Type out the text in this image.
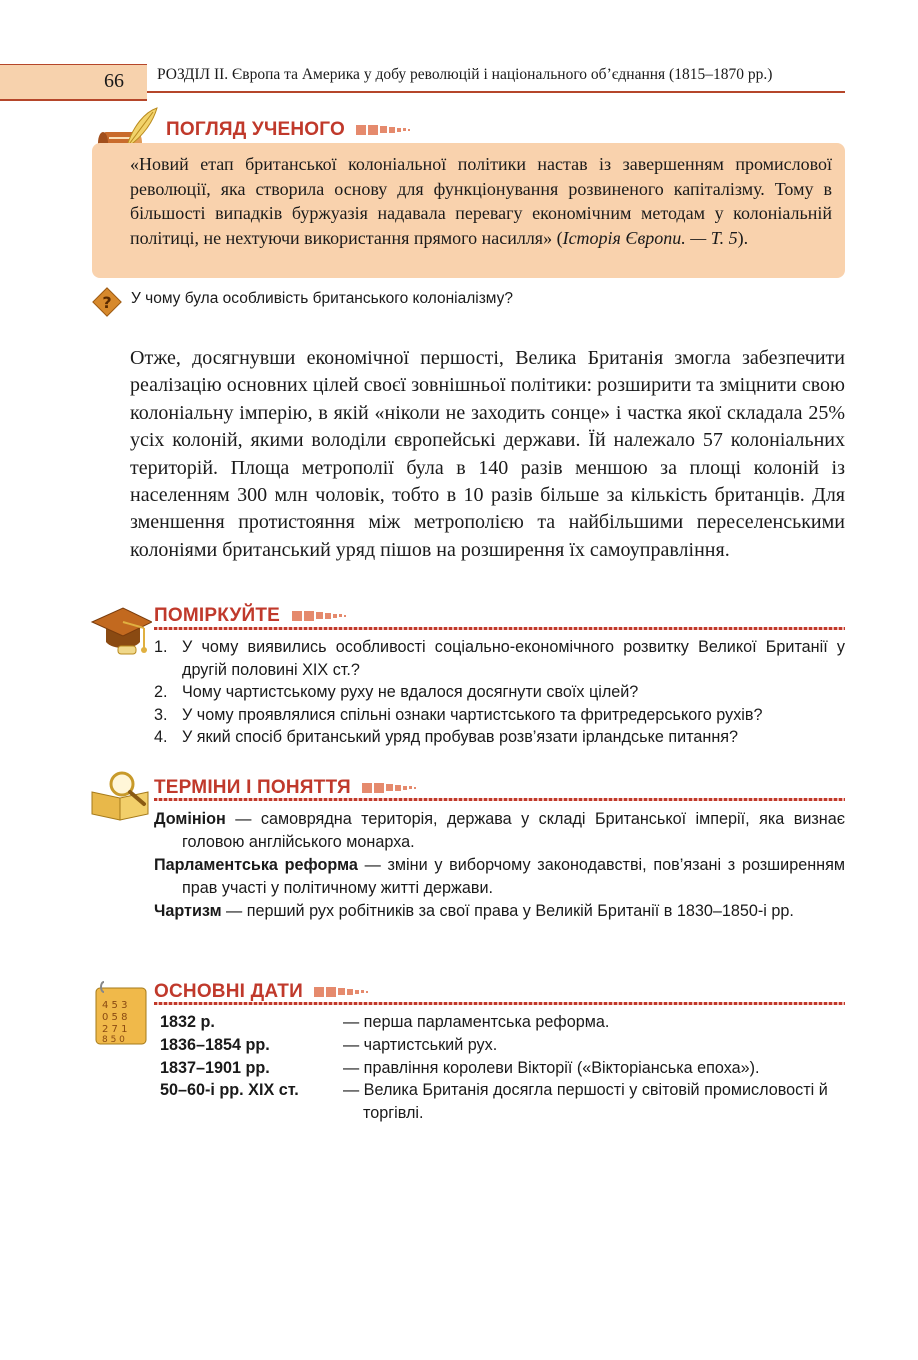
66 РОЗДІЛ ІІ. Європа та Америка у добу революцій і національного об’єднання (1815–1870 рр.)
ПОГЛЯД УЧЕНОГО
«Новий етап британської колоніальної політики настав із завершенням промислової революції, яка створила основу для функціонування розвиненого капіталізму. Тому в більшості випадків буржуазія надавала перевагу економічним методам у колоніальній політиці, не нехтуючи використання прямого насилля» (Історія Європи. — Т. 5).
? У чому була особливість британського колоніалізму?

Отже, досягнувши економічної першості, Велика Британія змогла забезпечити реалізацію основних цілей своєї зовнішньої політики: розширити та зміцнити свою колоніальну імперію, в якій «ніколи не заходить сонце» і частка якої складала 25% усіх колоній, якими володіли європейські держави. Їй належало 57 колоніальних територій. Площа метрополії була в 140 разів меншою за площі колоній із населенням 300 млн чоловік, тобто в 10 разів більше за кількість британців. Для зменшення протистояння між метрополією та найбільшими переселенськими колоніями британський уряд пішов на розширення їх самоуправління.

ПОМІРКУЙТЕ
1. У чому виявились особливості соціально-економічного розвитку Великої Британії у другій половині XIX ст.?
2. Чому чартистському руху не вдалося досягнути своїх цілей?
3. У чому проявлялися спільні ознаки чартистського та фритредерського рухів?
4. У який спосіб британський уряд пробував розв’язати ірландське питання?
ТЕРМІНИ І ПОНЯТТЯ
Домініон — самоврядна територія, держава у складі Британської імперії, яка визнає головою англійського монарха.
Парламентська реформа — зміни у виборчому законодавстві, пов’язані з розширенням прав участі у політичному житті держави.
Чартизм — перший рух робітників за свої права у Великій Британії в 1830–1850-і рр.
4 5 3
0 5 8
2 7 1
8 5 0
ОСНОВНІ ДАТИ
1832 р.	— перша парламентська реформа.
1836–1854 рр.	— чартистський рух.
1837–1901 рр.	— правління королеви Вікторії («Вікторіанська епоха»).
50–60-і рр. XIX ст.	— Велика Британія досягла першості у світовій промисловості й торгівлі.
